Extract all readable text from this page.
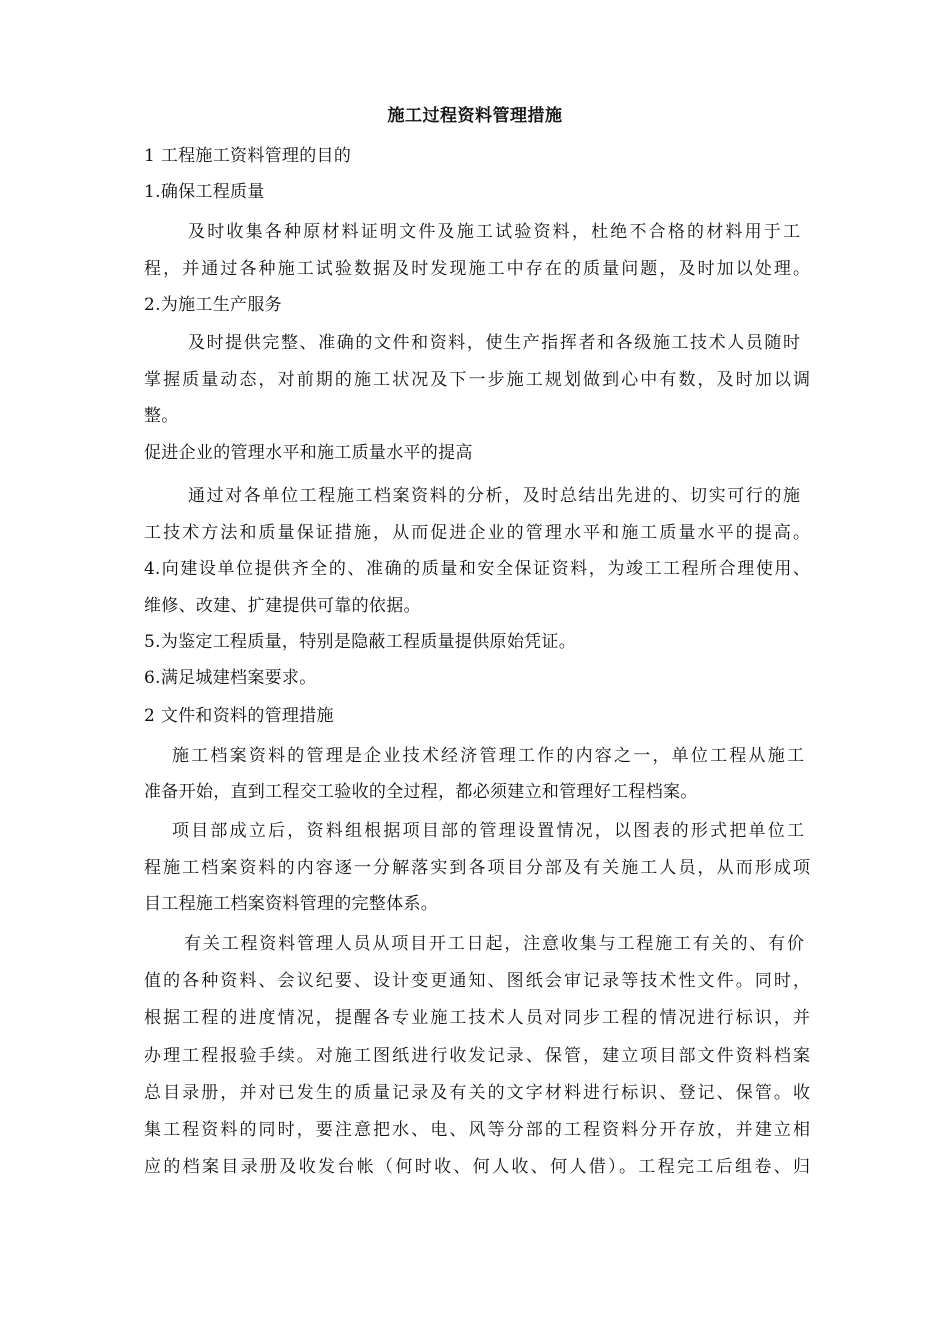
施工过程资料管理措施
1 工程施工资料管理的目的
1.确保工程质量
及时收集各种原材料证明文件及施工试验资料，杜绝不合格的材料用于工
程，并通过各种施工试验数据及时发现施工中存在的质量问题，及时加以处理。
2.为施工生产服务
及时提供完整、准确的文件和资料，使生产指挥者和各级施工技术人员随时
掌握质量动态，对前期的施工状况及下一步施工规划做到心中有数，及时加以调
整。
促进企业的管理水平和施工质量水平的提高
通过对各单位工程施工档案资料的分析，及时总结出先进的、切实可行的施
工技术方法和质量保证措施，从而促进企业的管理水平和施工质量水平的提高。
4.向建设单位提供齐全的、准确的质量和安全保证资料，为竣工工程所合理使用、
维修、改建、扩建提供可靠的依据。
5.为鉴定工程质量，特别是隐蔽工程质量提供原始凭证。
6.满足城建档案要求。
2 文件和资料的管理措施
施工档案资料的管理是企业技术经济管理工作的内容之一，单位工程从施工
准备开始，直到工程交工验收的全过程，都必须建立和管理好工程档案。
项目部成立后，资料组根据项目部的管理设置情况，以图表的形式把单位工
程施工档案资料的内容逐一分解落实到各项目分部及有关施工人员，从而形成项
目工程施工档案资料管理的完整体系。
有关工程资料管理人员从项目开工日起，注意收集与工程施工有关的、有价
值的各种资料、会议纪要、设计变更通知、图纸会审记录等技术性文件。同时，
根据工程的进度情况，提醒各专业施工技术人员对同步工程的情况进行标识，并
办理工程报验手续。对施工图纸进行收发记录、保管，建立项目部文件资料档案
总目录册，并对已发生的质量记录及有关的文字材料进行标识、登记、保管。收
集工程资料的同时，要注意把水、电、风等分部的工程资料分开存放，并建立相
应的档案目录册及收发台帐（何时收、何人收、何人借）。工程完工后组卷、归
